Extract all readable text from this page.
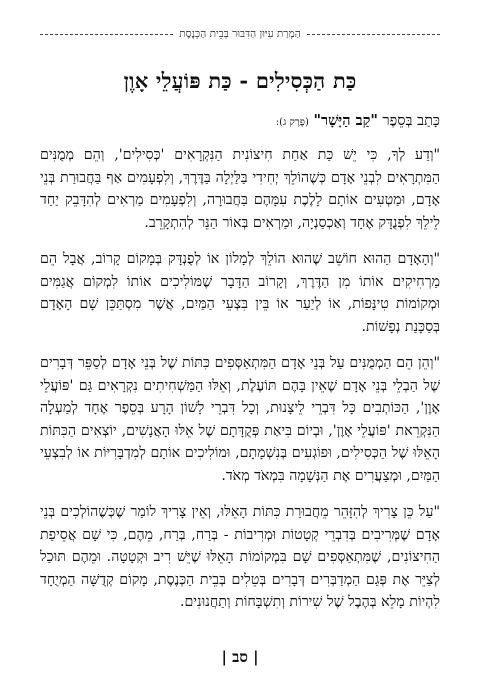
הַמְרַת עִיּוּן הַדִּבּוּר בְּבֵית הַכְּנֶסֶת
כַּת הַכְּסִילִים - כַּת פּוֹעֲלֵי אָוֶן
כָּתַב בְּסֵפֶר "קַב הַיָּשָׁר" (פֶּרֶק ג):

"וְדַע לְךָ, כִּי יֵשׁ כַּת אַחַת חִיצוֹנִית הַנִּקְרָאִים 'כְּסִילִים', וְהֵם מְמֻנִּים הַמִּתְרָאִים לִבְנֵי אָדָם כְּשֶׁהוֹלֵךְ יְחִידִי בַּלַּיְלָה בַּדֶּרֶךְ, וְלִפְעָמִים אַף בַּחֲבוּרַת בְּנֵי אָדָם, וּמַטְעִים אוֹתָם לָלֶכֶת עִמָּהֶם בַּחֲבוּרָה, וְלִפְעָמִים מַרְאִים לְהִדָּבֵק יַחַד לֵילֵךְ לִפְנֻדָּק אֶחָד וְאַכְסַנְיָה, וּמַרְאִים בְּאוֹר הַנֵּר לְהִתְקָרֵב.

"וְהָאָדָם הַהוּא חוֹשֵׁב שֶׁהוּא הוֹלֵךְ לְמָלוֹן אוֹ לְפֻנְדָּק בְּמָקוֹם קָרוֹב, אֲבָל הֵם מַרְחִיקִים אוֹתוֹ מִן הַדֶּרֶךְ, וְקָרוֹב הַדָּבָר שֶׁמּוֹלִיכִים אוֹתוֹ לִמְקוֹם אֲגַמִּים וּמְקוֹמוֹת טִינָּפוֹת, אוֹ לְיַעַר אוֹ בֵּין בִּצְעֵי הַמַּיִם, אֲשֶׁר מִסְתַּכֵּן שָׁם הָאָדָם בְּסַכָּנַת נְפָשׁוֹת.

"וְהֵן הֵם הַמְמֻנִּים עַל בְּנֵי אָדָם הַמִּתְאַסְּפִים כִּתּוֹת שֶׁל בְּנֵי אָדָם לְסַפֵּר דְּבָרִים שֶׁל הַבְלֵי בְּנֵי אָדָם שֶׁאֵין בָּהֶם תּוֹעֶלֶת, וְאֵלּוּ הַמַּשְׁחִיתִים נִקְרָאִים גַּם 'פּוֹעֲלֵי אָוֶן', הַכּוֹתְבִים כָּל דִּבְרֵי לֵיצָנוּת, וְכָל דִּבְרֵי לָשׁוֹן הָרָע בְּסֵפֶר אֶחָד לְמַעְלָה הַנִּקְרֵאת 'פּוֹעֲלֵי אָוֶן', וּבְיוֹם בִּיאַת פְּקֻדָּתָם שֶׁל אֵלּוּ הָאֲנָשִׁים, יוֹצְאִים הַכִּתּוֹת הָאֵלּוּ שֶׁל הַכְּסִילִים, וּפוֹגְעִים בְּנִשְׁמָתָם, וּמוֹלִיכִים אוֹתָם לְמִדְבָּרִיּוֹת אוֹ לְבִצְעֵי הַמַּיִם, וּמְצַעֲרִים אֶת הַנְּשָׁמָה בִּמְאֹד מְאֹד.

"עַל כֵּן צָרִיךְ לְהִזָּהֵר מֵחֲבוּרַת כִּתּוֹת הָאֵלּוּ, וְאֵין צָרִיךְ לוֹמַר שֶׁכְּשֶׁהוֹלְכִים בְּנֵי אָדָם שֶׁמְּרִיבִים בְּדִבְרֵי קְטָטוֹת וּמְרִיבוֹת - בְּרַח, בְּרַח, מֵהֶם, כִּי שָׁם אֲסֵיפַת הַחִיצוֹנִים, שֶׁמִּתְאַסְּפִים שָׁם בִּמְקוֹמוֹת הָאֵלּוּ שֶׁיֵּשׁ רִיב וּקְטָטָה. וּמֵהֶם תּוּכַל לְצַיֵּר אֶת פְּגַם הַמְדַבְּרִים דְּבָרִים בְּטֵלִים בְּבֵית הַכְּנֶסֶת, מָקוֹם קְדֻשָּׁה הַמְיֻחָד לִהְיוֹת מָלֵא בְּהֶבֶל שֶׁל שִׁירוֹת וְתִשְׁבָּחוֹת וְתַחֲנוּנִים.

| סב |
